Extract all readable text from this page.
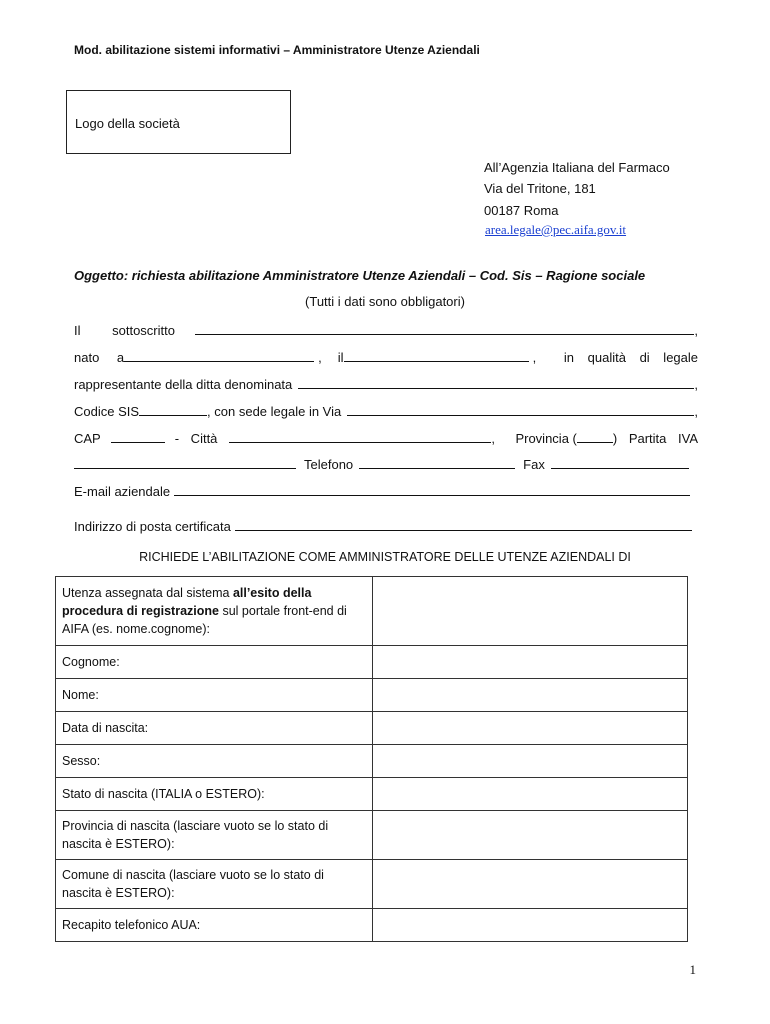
Mod. abilitazione sistemi informativi – Amministratore Utenze Aziendali
Logo della società
All’Agenzia Italiana del Farmaco
Via del Tritone, 181
00187 Roma
area.legale@pec.aifa.gov.it
Oggetto: richiesta abilitazione Amministratore Utenze Aziendali – Cod. Sis – Ragione sociale
(Tutti i dati sono obbligatori)
Il sottoscritto	,
nato a	, il	, in qualità di legale
rappresentante della ditta denominata	,
Codice SIS	, con sede legale in Via	,
CAP	- Città	, Provincia (	) Partita IVA
Telefono	Fax
E-mail aziendale
Indirizzo di posta certificata
RICHIEDE L’ABILITAZIONE COME AMMINISTRATORE DELLE UTENZE AZIENDALI DI
Utenza assegnata dal sistema all’esito della procedura di registrazione sul portale front-end di AIFA (es. nome.cognome):	
Cognome:	
Nome:	
Data di nascita:	
Sesso:	
Stato di nascita (ITALIA o ESTERO):	
Provincia di nascita (lasciare vuoto se lo stato di nascita è ESTERO):	
Comune di nascita (lasciare vuoto se lo stato di nascita è ESTERO):	
Recapito telefonico AUA:	
1
